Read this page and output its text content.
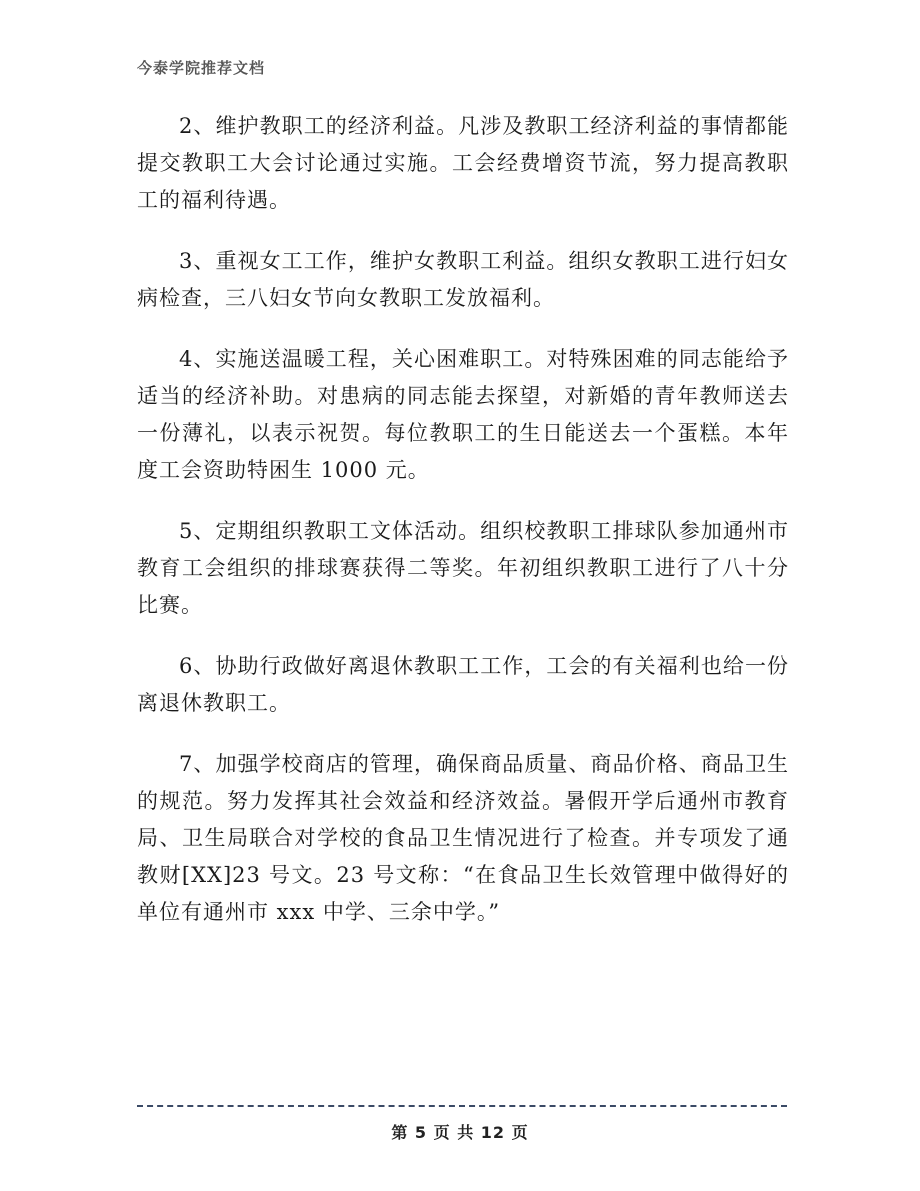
今泰学院推荐文档

2、维护教职工的经济利益。凡涉及教职工经济利益的事情都能提交教职工大会讨论通过实施。工会经费增资节流，努力提高教职工的福利待遇。

3、重视女工工作，维护女教职工利益。组织女教职工进行妇女病检查，三八妇女节向女教职工发放福利。

4、实施送温暖工程，关心困难职工。对特殊困难的同志能给予适当的经济补助。对患病的同志能去探望，对新婚的青年教师送去一份薄礼，以表示祝贺。每位教职工的生日能送去一个蛋糕。本年度工会资助特困生 1000 元。

5、定期组织教职工文体活动。组织校教职工排球队参加通州市教育工会组织的排球赛获得二等奖。年初组织教职工进行了八十分比赛。

6、协助行政做好离退休教职工工作，工会的有关福利也给一份离退休教职工。

7、加强学校商店的管理，确保商品质量、商品价格、商品卫生的规范。努力发挥其社会效益和经济效益。暑假开学后通州市教育局、卫生局联合对学校的食品卫生情况进行了检查。并专项发了通教财[XX]23 号文。23 号文称：“在食品卫生长效管理中做得好的单位有通州市 xxx 中学、三余中学。”

第 5 页 共 12 页
